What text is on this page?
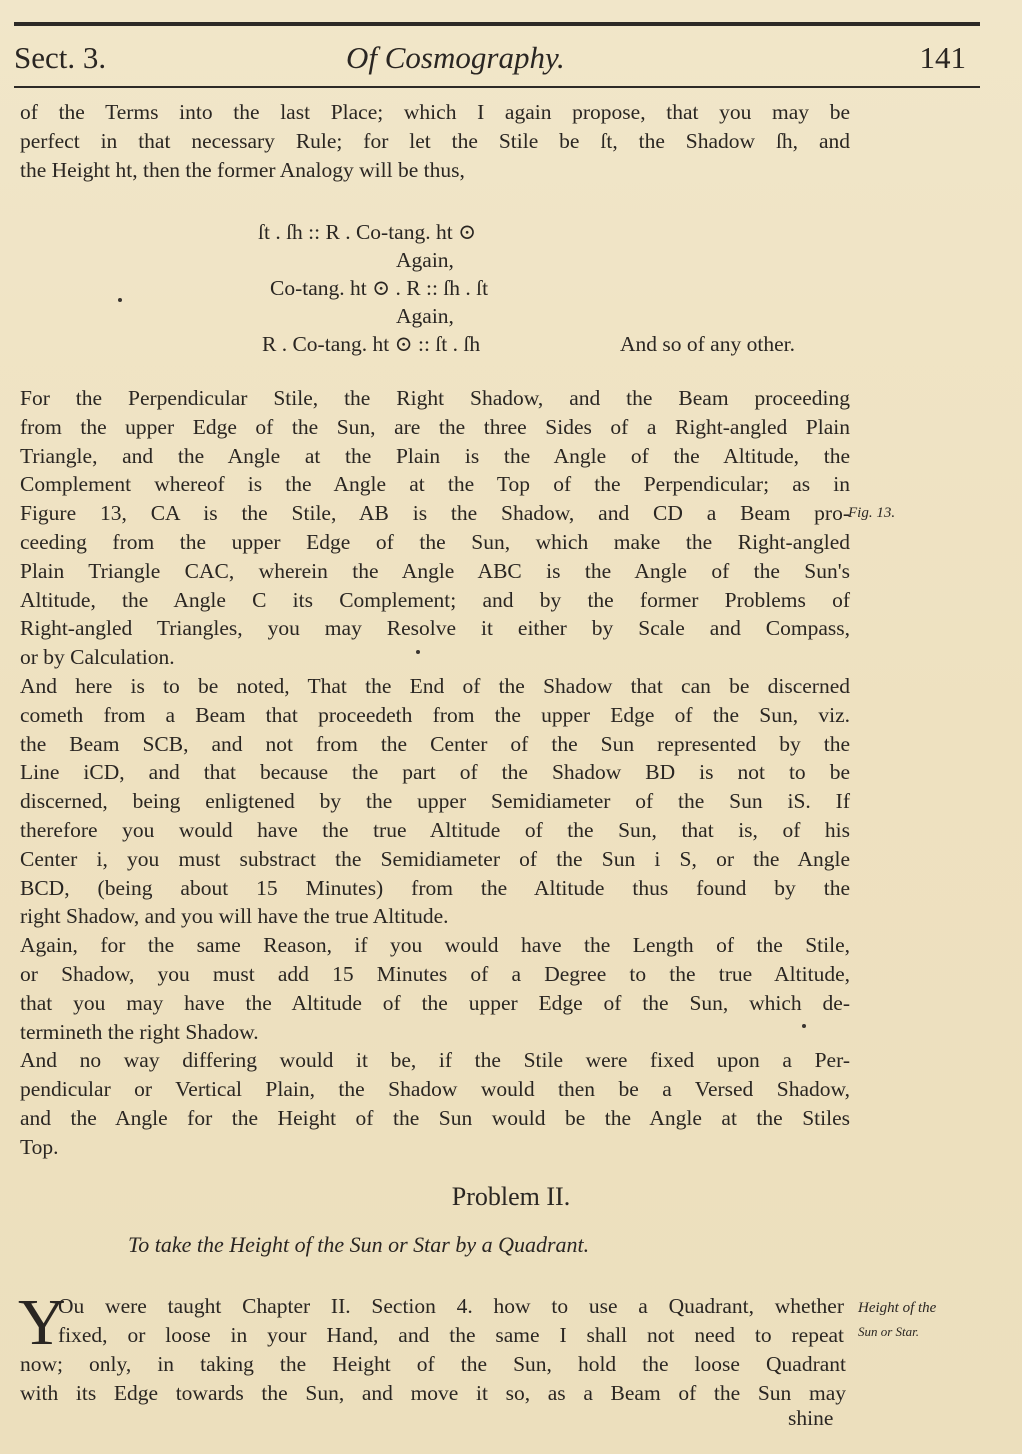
Sect. 3.	Of Cosmography.	141
of the Terms into the last Place; which I again propose, that you may be
perfect in that necessary Rule; for let the Stile be ſt, the Shadow ſh, and
the Height ht, then the former Analogy will be thus,
ſt . ſh :: R . Co-tang. ht ⊙
Again,
Co-tang. ht ⊙ . R :: ſh . ſt
Again,
R . Co-tang. ht ⊙ :: ſt . ſh	And so of any other.
For the Perpendicular Stile, the Right Shadow, and the Beam proceeding
from the upper Edge of the Sun, are the three Sides of a Right-angled Plain
Triangle, and the Angle at the Plain is the Angle of the Altitude, the
Complement whereof is the Angle at the Top of the Perpendicular; as in
Figure 13, CA is the Stile, AB is the Shadow, and CD a Beam pro-
ceeding from the upper Edge of the Sun, which make the Right-angled
Plain Triangle CAC, wherein the Angle ABC is the Angle of the Sun's
Altitude, the Angle C its Complement; and by the former Problems of
Right-angled Triangles, you may Resolve it either by Scale and Compass,
or by Calculation.
And here is to be noted, That the End of the Shadow that can be discerned
cometh from a Beam that proceedeth from the upper Edge of the Sun, viz.
the Beam SCB, and not from the Center of the Sun represented by the
Line iCD, and that because the part of the Shadow BD is not to be
discerned, being enligtened by the upper Semidiameter of the Sun iS. If
therefore you would have the true Altitude of the Sun, that is, of his
Center i, you must substract the Semidiameter of the Sun i S, or the Angle
BCD, (being about 15 Minutes) from the Altitude thus found by the
right Shadow, and you will have the true Altitude.
Again, for the same Reason, if you would have the Length of the Stile,
or Shadow, you must add 15 Minutes of a Degree to the true Altitude,
that you may have the Altitude of the upper Edge of the Sun, which de-
termineth the right Shadow.
And no way differing would it be, if the Stile were fixed upon a Per-
pendicular or Vertical Plain, the Shadow would then be a Versed Shadow,
and the Angle for the Height of the Sun would be the Angle at the Stiles
Top.
Fig. 13.
Height of the
Sun or Star.
Problem II.
To take the Height of the Sun or Star by a Quadrant.
Y
Ou were taught Chapter II. Section 4. how to use a Quadrant, whether
fixed, or loose in your Hand, and the same I shall not need to repeat
now; only, in taking the Height of the Sun, hold the loose Quadrant
with its Edge towards the Sun, and move it so, as a Beam of the Sun may
shine
